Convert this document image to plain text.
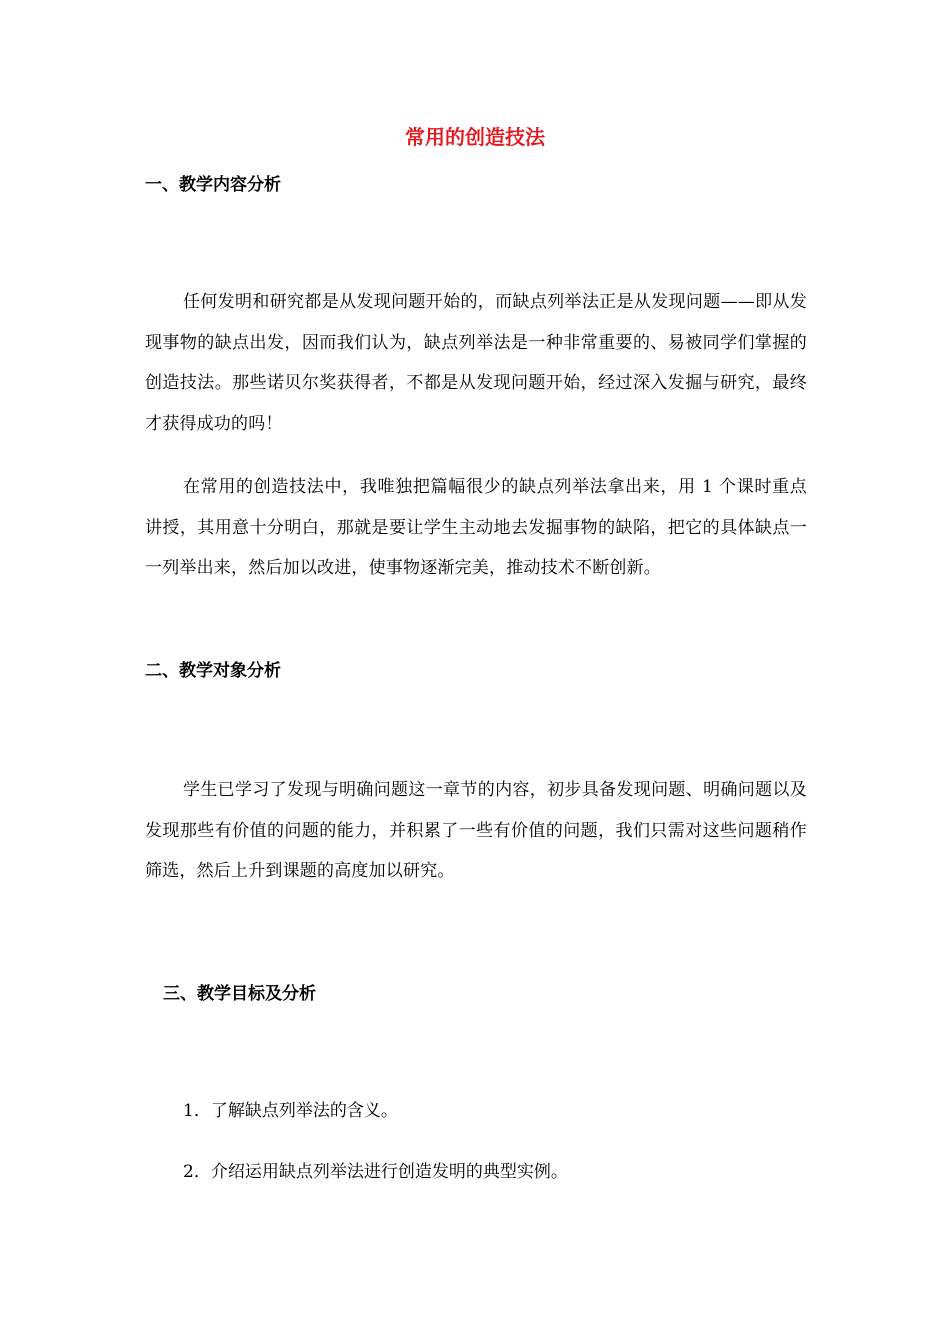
常用的创造技法
一、教学内容分析

任何发明和研究都是从发现问题开始的，而缺点列举法正是从发现问题——即从发现事物的缺点出发，因而我们认为，缺点列举法是一种非常重要的、易被同学们掌握的创造技法。那些诺贝尔奖获得者，不都是从发现问题开始，经过深入发掘与研究，最终才获得成功的吗！

在常用的创造技法中，我唯独把篇幅很少的缺点列举法拿出来，用 1 个课时重点讲授，其用意十分明白，那就是要让学生主动地去发掘事物的缺陷，把它的具体缺点一一列举出来，然后加以改进，使事物逐渐完美，推动技术不断创新。

二、教学对象分析

学生已学习了发现与明确问题这一章节的内容，初步具备发现问题、明确问题以及发现那些有价值的问题的能力，并积累了一些有价值的问题，我们只需对这些问题稍作筛选，然后上升到课题的高度加以研究。

三、教学目标及分析

1．了解缺点列举法的含义。

2．介绍运用缺点列举法进行创造发明的典型实例。
